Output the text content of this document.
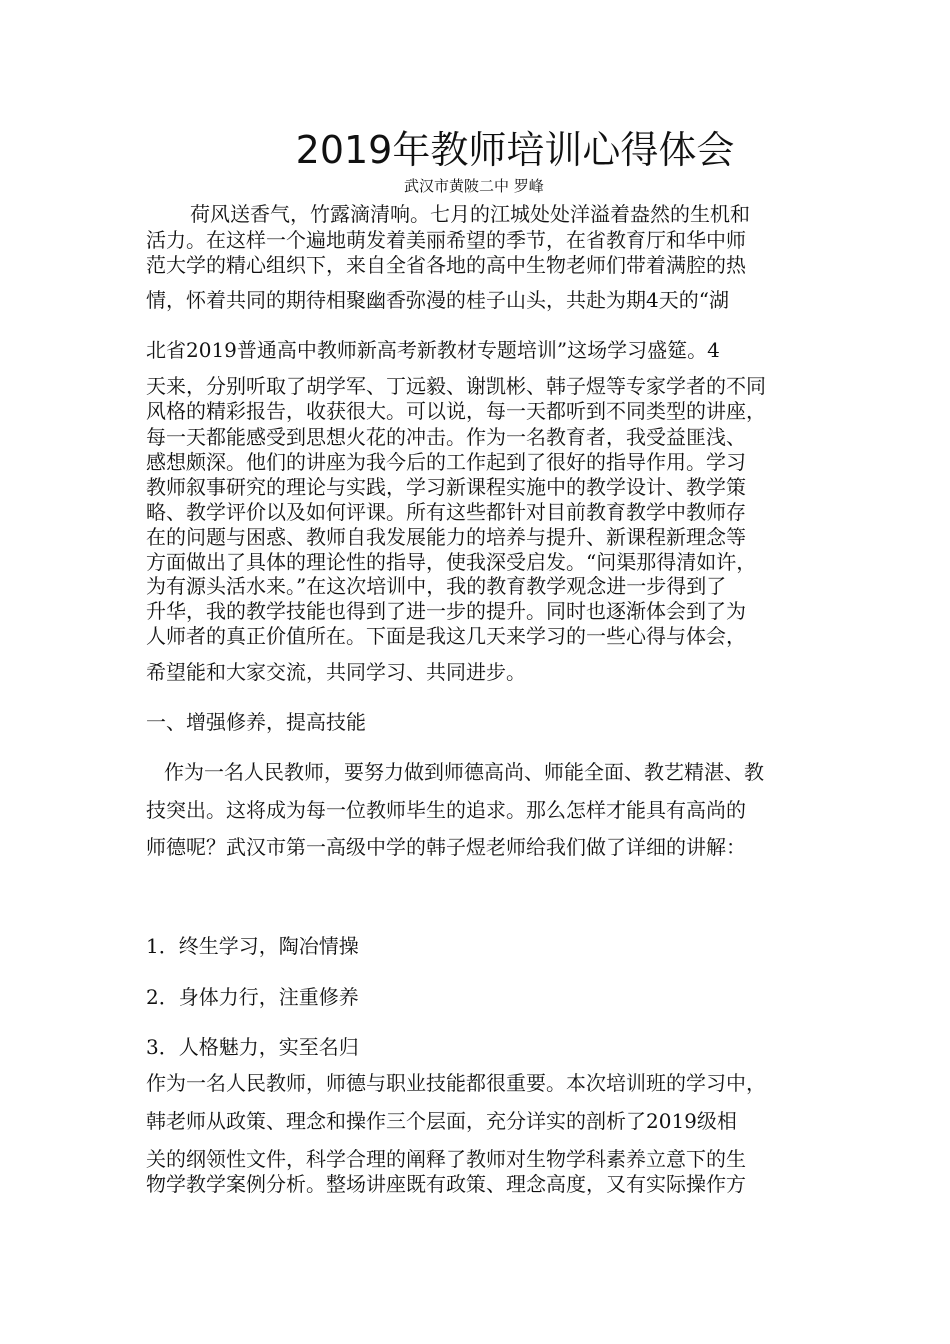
2019年教师培训心得体会
武汉市黄陂二中 罗峰
荷风送香气，竹露滴清响。七月的江城处处洋溢着盎然的生机和
活力。在这样一个遍地萌发着美丽希望的季节，在省教育厅和华中师
范大学的精心组织下，来自全省各地的高中生物老师们带着满腔的热
情，怀着共同的期待相聚幽香弥漫的桂子山头，共赴为期4天的“湖
北省2019普通高中教师新高考新教材专题培训”这场学习盛筵。4
天来，分别听取了胡学军、丁远毅、谢凯彬、韩子煜等专家学者的不同
风格的精彩报告，收获很大。可以说，每一天都听到不同类型的讲座，
每一天都能感受到思想火花的冲击。作为一名教育者，我受益匪浅、
感想颇深。他们的讲座为我今后的工作起到了很好的指导作用。学习
教师叙事研究的理论与实践，学习新课程实施中的教学设计、教学策
略、教学评价以及如何评课。所有这些都针对目前教育教学中教师存
在的问题与困惑、教师自我发展能力的培养与提升、新课程新理念等
方面做出了具体的理论性的指导，使我深受启发。“问渠那得清如许，
为有源头活水来。”在这次培训中，我的教育教学观念进一步得到了
升华，我的教学技能也得到了进一步的提升。同时也逐渐体会到了为
人师者的真正价值所在。下面是我这几天来学习的一些心得与体会，
希望能和大家交流，共同学习、共同进步。
一、增强修养，提高技能
作为一名人民教师，要努力做到师德高尚、师能全面、教艺精湛、教
技突出。这将成为每一位教师毕生的追求。那么怎样才能具有高尚的
师德呢？武汉市第一高级中学的韩子煜老师给我们做了详细的讲解：
1．终生学习，陶冶情操
2．身体力行，注重修养
3．人格魅力，实至名归
作为一名人民教师，师德与职业技能都很重要。本次培训班的学习中，
韩老师从政策、理念和操作三个层面，充分详实的剖析了2019级相
关的纲领性文件，科学合理的阐释了教师对生物学科素养立意下的生
物学教学案例分析。整场讲座既有政策、理念高度，又有实际操作方
